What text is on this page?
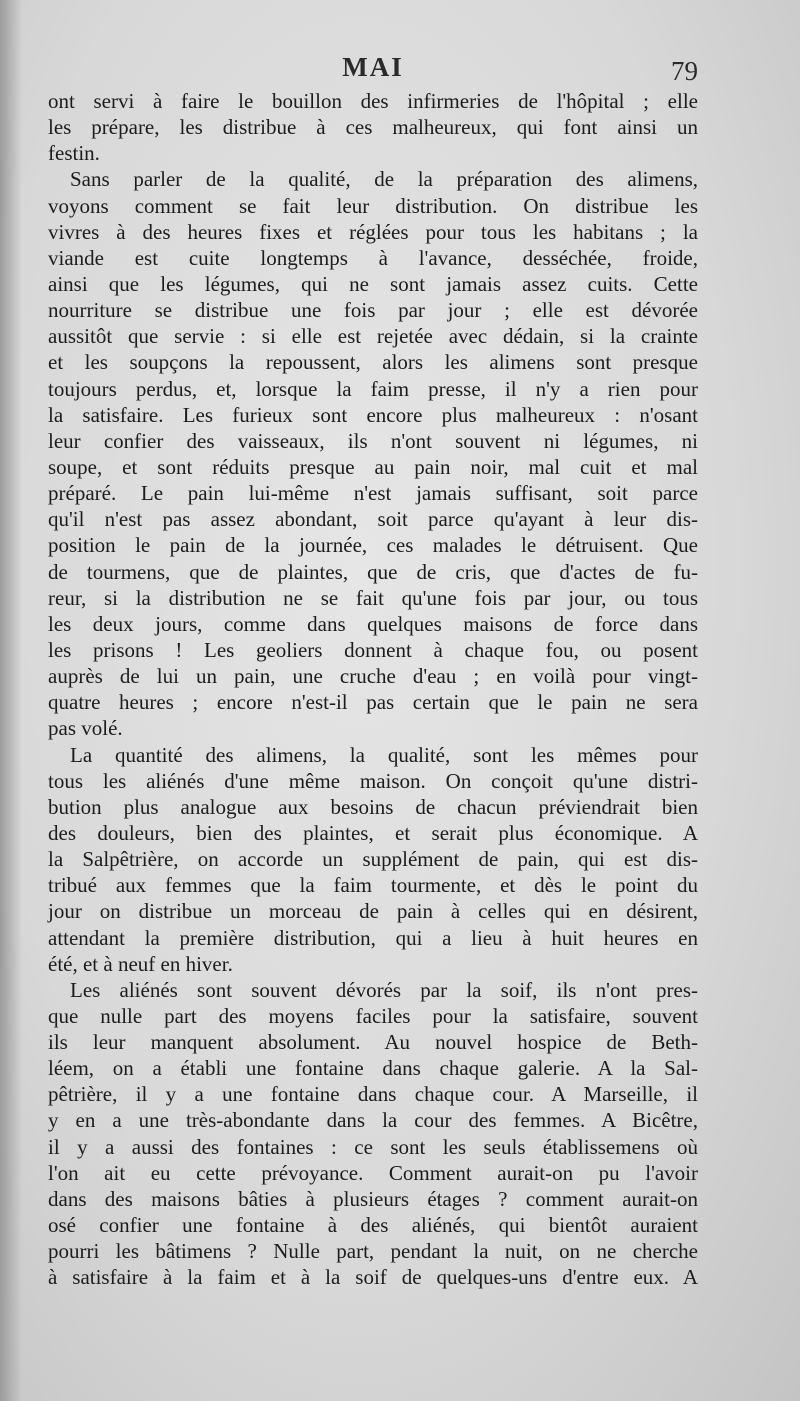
MAI	79
ont servi à faire le bouillon des infirmeries de l'hôpital ; elle
les prépare, les distribue à ces malheureux, qui font ainsi un
festin.
Sans parler de la qualité, de la préparation des alimens,
voyons comment se fait leur distribution. On distribue les
vivres à des heures fixes et réglées pour tous les habitans ; la
viande est cuite longtemps à l'avance, desséchée, froide,
ainsi que les légumes, qui ne sont jamais assez cuits. Cette
nourriture se distribue une fois par jour ; elle est dévorée
aussitôt que servie : si elle est rejetée avec dédain, si la crainte
et les soupçons la repoussent, alors les alimens sont presque
toujours perdus, et, lorsque la faim presse, il n'y a rien pour
la satisfaire. Les furieux sont encore plus malheureux : n'osant
leur confier des vaisseaux, ils n'ont souvent ni légumes, ni
soupe, et sont réduits presque au pain noir, mal cuit et mal
préparé. Le pain lui-même n'est jamais suffisant, soit parce
qu'il n'est pas assez abondant, soit parce qu'ayant à leur dis-
position le pain de la journée, ces malades le détruisent. Que
de tourmens, que de plaintes, que de cris, que d'actes de fu-
reur, si la distribution ne se fait qu'une fois par jour, ou tous
les deux jours, comme dans quelques maisons de force dans
les prisons ! Les geoliers donnent à chaque fou, ou posent
auprès de lui un pain, une cruche d'eau ; en voilà pour vingt-
quatre heures ; encore n'est-il pas certain que le pain ne sera
pas volé.
La quantité des alimens, la qualité, sont les mêmes pour
tous les aliénés d'une même maison. On conçoit qu'une distri-
bution plus analogue aux besoins de chacun préviendrait bien
des douleurs, bien des plaintes, et serait plus économique. A
la Salpêtrière, on accorde un supplément de pain, qui est dis-
tribué aux femmes que la faim tourmente, et dès le point du
jour on distribue un morceau de pain à celles qui en désirent,
attendant la première distribution, qui a lieu à huit heures en
été, et à neuf en hiver.
Les aliénés sont souvent dévorés par la soif, ils n'ont pres-
que nulle part des moyens faciles pour la satisfaire, souvent
ils leur manquent absolument. Au nouvel hospice de Beth-
léem, on a établi une fontaine dans chaque galerie. A la Sal-
pêtrière, il y a une fontaine dans chaque cour. A Marseille, il
y en a une très-abondante dans la cour des femmes. A Bicêtre,
il y a aussi des fontaines : ce sont les seuls établissemens où
l'on ait eu cette prévoyance. Comment aurait-on pu l'avoir
dans des maisons bâties à plusieurs étages ? comment aurait-on
osé confier une fontaine à des aliénés, qui bientôt auraient
pourri les bâtimens ? Nulle part, pendant la nuit, on ne cherche
à satisfaire à la faim et à la soif de quelques-uns d'entre eux. A
